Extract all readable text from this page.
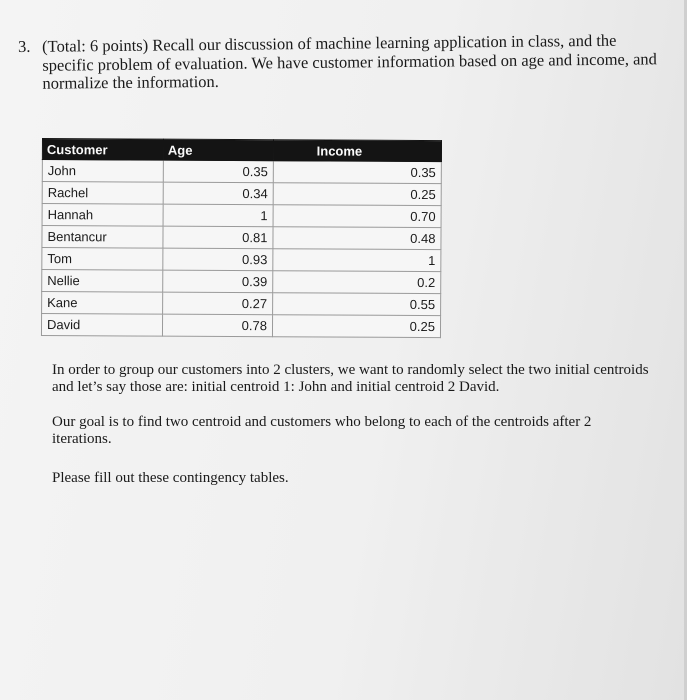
3. (Total: 6 points) Recall our discussion of machine learning application in class, and the specific problem of evaluation. We have customer information based on age and income, and normalize the information.
Customer	Age	Income
John	0.35	0.35
Rachel	0.34	0.25
Hannah	1	0.70
Bentancur	0.81	0.48
Tom	0.93	1
Nellie	0.39	0.2
Kane	0.27	0.55
David	0.78	0.25
In order to group our customers into 2 clusters, we want to randomly select the two initial centroids and let’s say those are: initial centroid 1: John and initial centroid 2 David.
Our goal is to find two centroid and customers who belong to each of the centroids after 2 iterations.
Please fill out these contingency tables.
